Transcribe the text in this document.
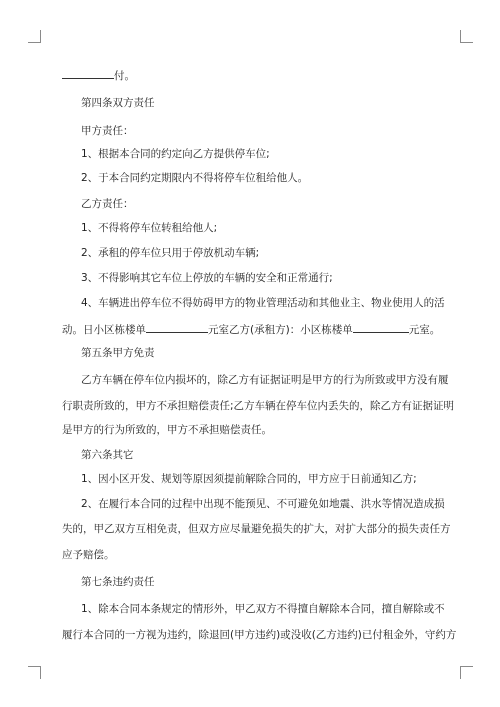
付。
第四条双方责任
甲方责任：
1、根据本合同的约定向乙方提供停车位;
2、于本合同约定期限内不得将停车位租给他人。
乙方责任：
1、不得将停车位转租给他人;
2、承租的停车位只用于停放机动车辆;
3、不得影响其它车位上停放的车辆的安全和正常通行;
4、车辆进出停车位不得妨碍甲方的物业管理活动和其他业主、物业使用人的活
动。日小区栋楼单	元室乙方(承租方)：小区栋楼单	元室。
第五条甲方免责
乙方车辆在停车位内损坏的，除乙方有证据证明是甲方的行为所致或甲方没有履
行职责所致的，甲方不承担赔偿责任;乙方车辆在停车位内丢失的，除乙方有证据证明
是甲方的行为所致的，甲方不承担赔偿责任。
第六条其它
1、因小区开发、规划等原因须提前解除合同的，甲方应于日前通知乙方;
2、在履行本合同的过程中出现不能预见、不可避免如地震、洪水等情况造成损
失的，甲乙双方互相免责，但双方应尽量避免损失的扩大，对扩大部分的损失责任方
应予赔偿。
第七条违约责任
1、除本合同本条规定的情形外，甲乙双方不得擅自解除本合同，擅自解除或不
履行本合同的一方视为违约，除退回(甲方违约)或没收(乙方违约)已付租金外，守约方
